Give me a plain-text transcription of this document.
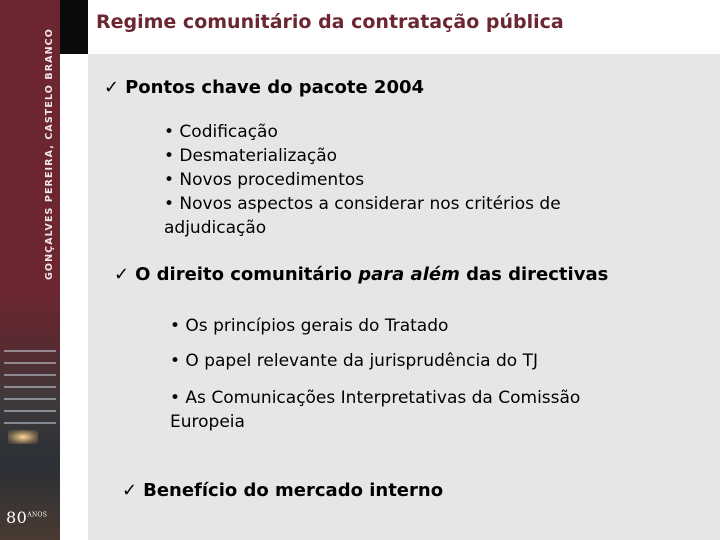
GONÇALVES PEREIRA, CASTELO BRANCO
$80^{ANOS}$
Regime comunitário da contratação pública
✓ Pontos chave do pacote 2004
• Codificação
• Desmaterialização
• Novos procedimentos
• Novos aspectos a considerar nos critérios de
adjudicação
✓ O direito comunitário para além das directivas
• Os princípios gerais do Tratado
• O papel relevante da jurisprudência do TJ
• As Comunicações Interpretativas da Comissão
Europeia
✓ Benefício do mercado interno
